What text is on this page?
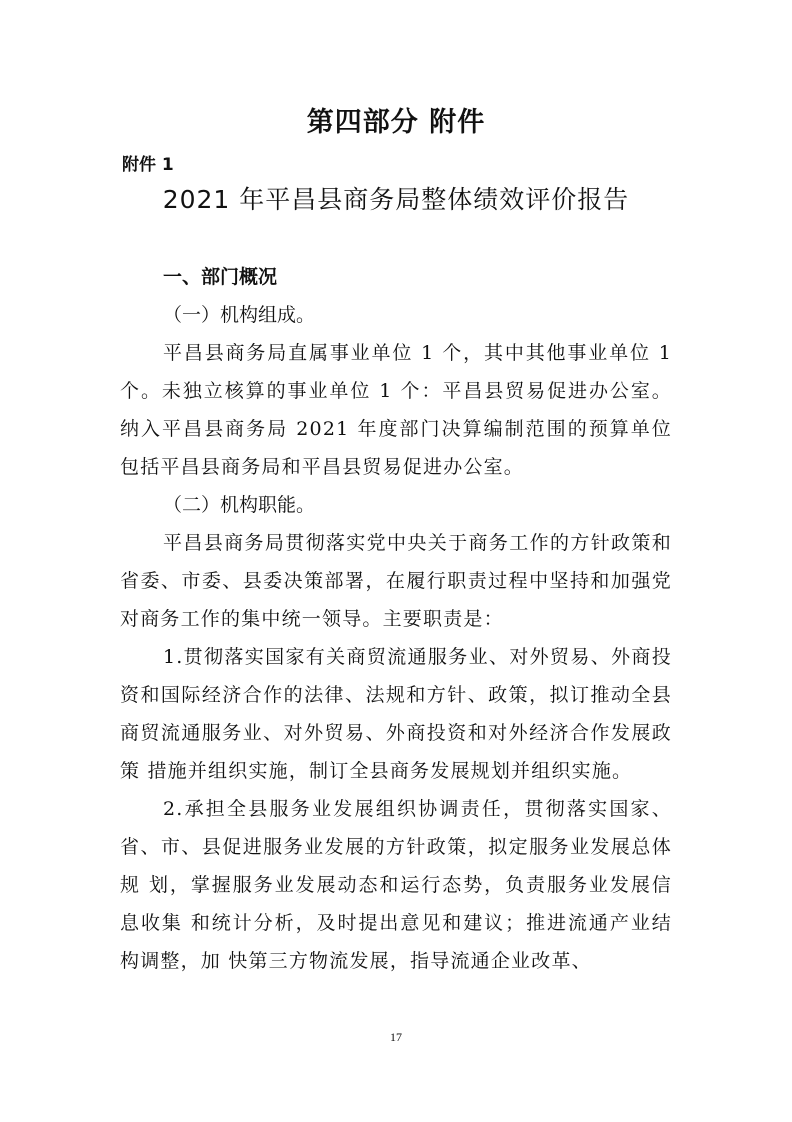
第四部分 附件
附件 1
2021 年平昌县商务局整体绩效评价报告
一、部门概况
（一）机构组成。
平昌县商务局直属事业单位 1 个，其中其他事业单位 1 个。未独立核算的事业单位 1 个：平昌县贸易促进办公室。纳入平昌县商务局 2021 年度部门决算编制范围的预算单位包括平昌县商务局和平昌县贸易促进办公室。
（二）机构职能。
平昌县商务局贯彻落实党中央关于商务工作的方针政策和省委、市委、县委决策部署，在履行职责过程中坚持和加强党对商务工作的集中统一领导。主要职责是：
1.贯彻落实国家有关商贸流通服务业、对外贸易、外商投资和国际经济合作的法律、法规和方针、政策，拟订推动全县 商贸流通服务业、对外贸易、外商投资和对外经济合作发展政策 措施并组织实施，制订全县商务发展规划并组织实施。
2.承担全县服务业发展组织协调责任，贯彻落实国家、省、市、县促进服务业发展的方针政策，拟定服务业发展总体规 划，掌握服务业发展动态和运行态势，负责服务业发展信息收集 和统计分析，及时提出意见和建议；推进流通产业结构调整，加 快第三方物流发展，指导流通企业改革、
17
